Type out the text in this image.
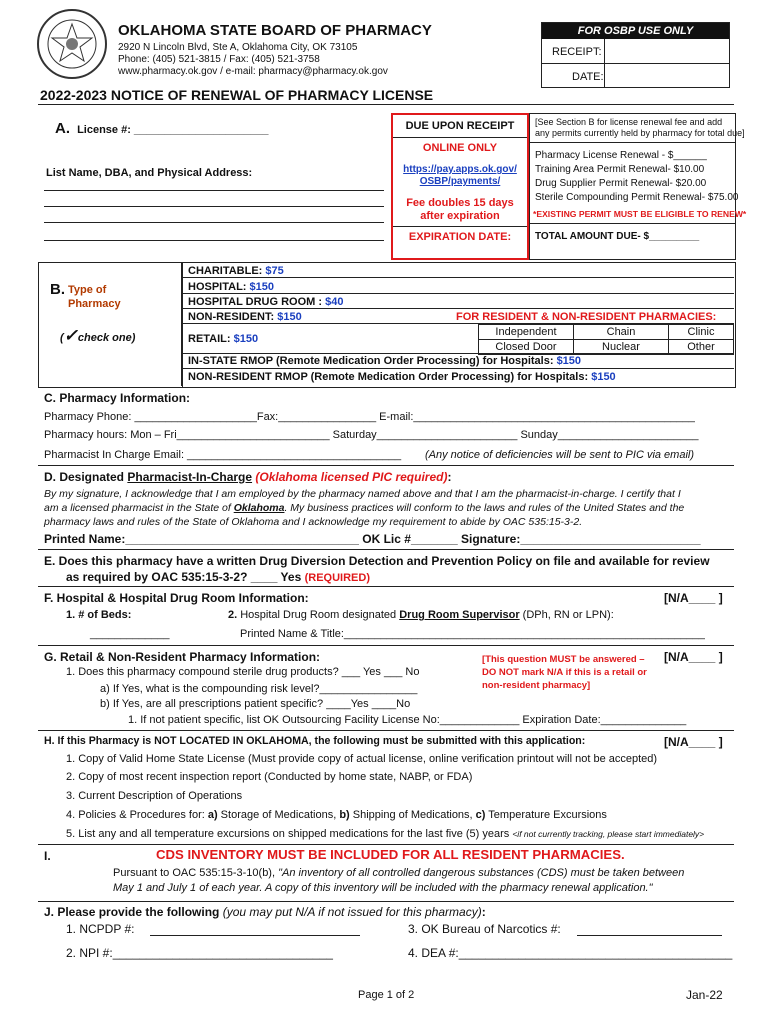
OKLAHOMA STATE BOARD OF PHARMACY
2920 N Lincoln Blvd, Ste A, Oklahoma City, OK 73105
Phone: (405) 521-3815 / Fax: (405) 521-3758
www.pharmacy.ok.gov / e-mail: pharmacy@pharmacy.ok.gov
FOR OSBP USE ONLY
RECEIPT:
DATE:
2022-2023 NOTICE OF RENEWAL OF PHARMACY LICENSE
A. License #: ______________________
List Name, DBA, and Physical Address:
DUE UPON RECEIPT
ONLINE ONLY
https://pay.apps.ok.gov/
OSBP/payments/
Fee doubles 15 days
after expiration
EXPIRATION DATE:
[See Section B for license renewal fee and add
any permits currently held by pharmacy for total due]
Pharmacy License Renewal - $______
Training Area Permit Renewal- $10.00
Drug Supplier Permit Renewal- $20.00
Sterile Compounding Permit Renewal- $75.00
*EXISTING PERMIT MUST BE ELIGIBLE TO RENEW*
TOTAL AMOUNT DUE- $_________
B. Type of
Pharmacy
(✓check one)
CHARITABLE: $75
HOSPITAL: $150
HOSPITAL DRUG ROOM : $40
NON-RESIDENT: $150	FOR RESIDENT & NON-RESIDENT PHARMACIES:
RETAIL: $150
Independent	Chain	Clinic
Closed Door	Nuclear	Other
IN-STATE RMOP (Remote Medication Order Processing) for Hospitals: $150
NON-RESIDENT RMOP (Remote Medication Order Processing) for Hospitals: $150
C. Pharmacy Information:
Pharmacy Phone: ____________________Fax:________________ E-mail:______________________________________________
Pharmacy hours: Mon – Fri_________________________ Saturday_______________________ Sunday_______________________
Pharmacist In Charge Email: ___________________________________ (Any notice of deficiencies will be sent to PIC via email)
D. Designated Pharmacist-In-Charge (Oklahoma licensed PIC required):
By my signature, I acknowledge that I am employed by the pharmacy named above and that I am the pharmacist-in-charge. I certify that I
am a licensed pharmacist in the State of Oklahoma. My business practices will conform to the laws and rules of the United States and the
pharmacy laws and rules of the State of Oklahoma and I acknowledge my requirement to abide by OAC 535:15-3-2.
Printed Name:___________________________________ OK Lic #_______ Signature:___________________________
E. Does this pharmacy have a written Drug Diversion Detection and Prevention Policy on file and available for review
as required by OAC 535:15-3-2? ____ Yes (REQUIRED)
F. Hospital & Hospital Drug Room Information:	[N/A____ ]
1. # of Beds:	2. Hospital Drug Room designated Drug Room Supervisor (DPh, RN or LPN):
_____________	Printed Name & Title:___________________________________________________________
G. Retail & Non-Resident Pharmacy Information:
1. Does this pharmacy compound sterile drug products? ___ Yes ___ No
a) If Yes, what is the compounding risk level?________________
b) If Yes, are all prescriptions patient specific? ____Yes ____No
1. If not patient specific, list OK Outsourcing Facility License No:_____________ Expiration Date:______________
[This question MUST be answered –
DO NOT mark N/A if this is a retail or
non-resident pharmacy]
[N/A____ ]
H. If this Pharmacy is NOT LOCATED IN OKLAHOMA, the following must be submitted with this application:	[N/A____ ]
1. Copy of Valid Home State License (Must provide copy of actual license, online verification printout will not be accepted)
2. Copy of most recent inspection report (Conducted by home state, NABP, or FDA)
3. Current Description of Operations
4. Policies & Procedures for: a) Storage of Medications, b) Shipping of Medications, c) Temperature Excursions
5. List any and all temperature excursions on shipped medications for the last five (5) years <if not currently tracking, please start immediately>
I.	CDS INVENTORY MUST BE INCLUDED FOR ALL RESIDENT PHARMACIES.
Pursuant to OAC 535:15-3-10(b), "An inventory of all controlled dangerous substances (CDS) must be taken between
May 1 and July 1 of each year. A copy of this inventory will be included with the pharmacy renewal application."
J. Please provide the following (you may put N/A if not issued for this pharmacy):
1. NCPDP #:
2. NPI #:_________________________________
3. OK Bureau of Narcotics #:
4. DEA #:_________________________________________
Page 1 of 2	Jan-22
